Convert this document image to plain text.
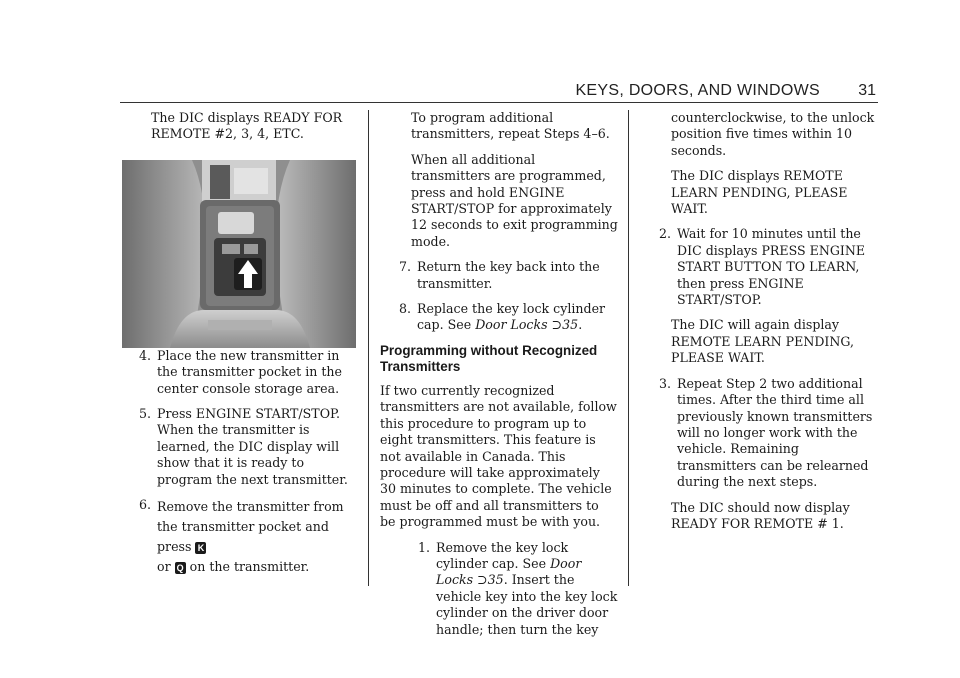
KEYS, DOORS, AND WINDOWS 31

The DIC displays READY FOR REMOTE #2, 3, 4, ETC.

4. Place the new transmitter in the transmitter pocket in the center console storage area.
5. Press ENGINE START/STOP. When the transmitter is learned, the DIC display will show that it is ready to program the next transmitter.
6. Remove the transmitter from the transmitter pocket and press K
or Q on the transmitter.

To program additional transmitters, repeat Steps 4–6.

When all additional transmitters are programmed, press and hold ENGINE START/STOP for approximately 12 seconds to exit programming mode.

7. Return the key back into the transmitter.
8. Replace the key lock cylinder cap. See Door Locks ⊃35.
Programming without Recognized Transmitters

If two currently recognized transmitters are not available, follow this procedure to program up to eight transmitters. This feature is not available in Canada. This procedure will take approximately 30 minutes to complete. The vehicle must be off and all transmitters to be programmed must be with you.

1. Remove the key lock cylinder cap. See Door Locks ⊃35. Insert the vehicle key into the key lock cylinder on the driver door handle; then turn the key

counterclockwise, to the unlock position five times within 10 seconds.

The DIC displays REMOTE LEARN PENDING, PLEASE WAIT.

2. Wait for 10 minutes until the DIC displays PRESS ENGINE START BUTTON TO LEARN, then press ENGINE START/STOP.

The DIC will again display REMOTE LEARN PENDING, PLEASE WAIT.

3. Repeat Step 2 two additional times. After the third time all previously known transmitters will no longer work with the vehicle. Remaining transmitters can be relearned during the next steps.

The DIC should now display READY FOR REMOTE # 1.
